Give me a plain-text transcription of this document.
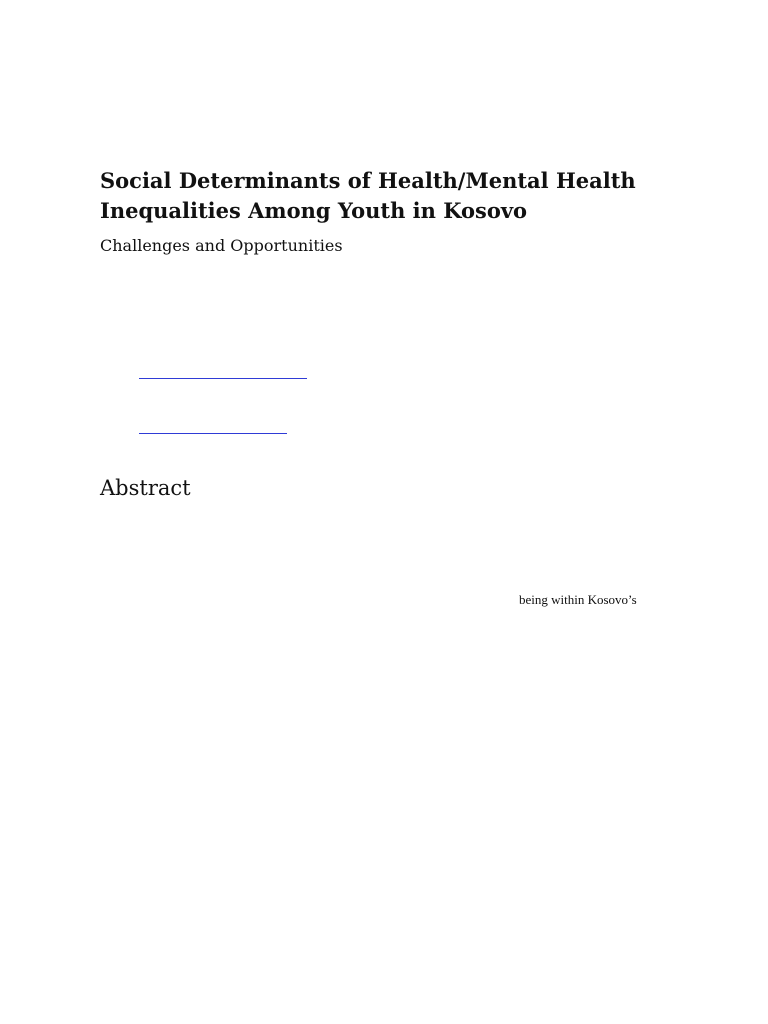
Social Determinants of Health/Mental Health Inequalities Among Youth in Kosovo

Challenges and Opportunities

Abstract

being within Kosovo’s
